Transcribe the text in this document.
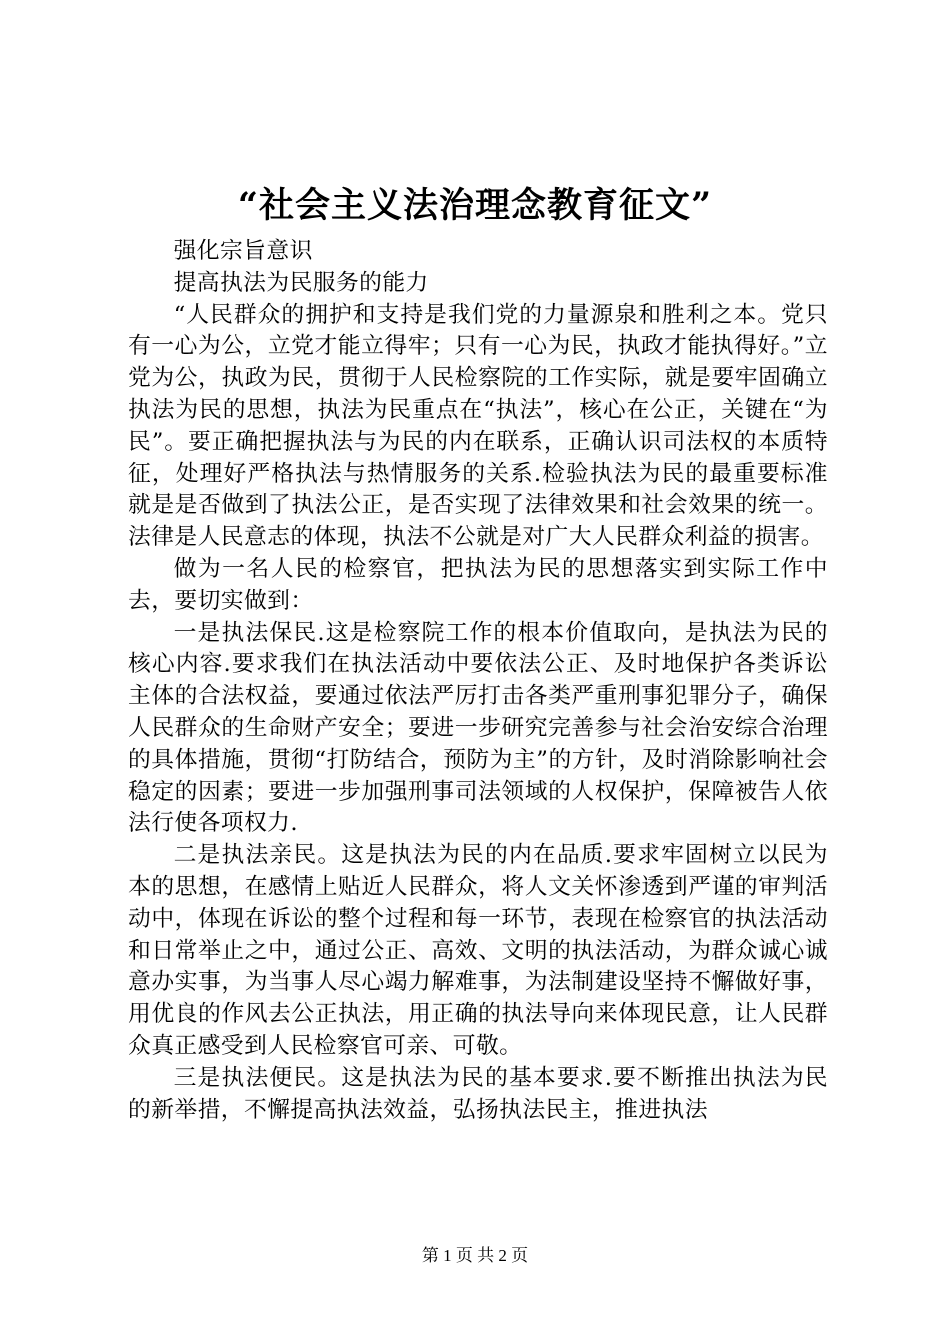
“社会主义法治理念教育征文”

强化宗旨意识

提高执法为民服务的能力

“人民群众的拥护和支持是我们党的力量源泉和胜利之本。党只有一心为公，立党才能立得牢；只有一心为民，执政才能执得好。”立党为公，执政为民，贯彻于人民检察院的工作实际，就是要牢固确立执法为民的思想，执法为民重点在“执法”，核心在公正，关键在“为民”。要正确把握执法与为民的内在联系，正确认识司法权的本质特征，处理好严格执法与热情服务的关系.检验执法为民的最重要标准就是是否做到了执法公正，是否实现了法律效果和社会效果的统一。法律是人民意志的体现，执法不公就是对广大人民群众利益的损害。

做为一名人民的检察官，把执法为民的思想落实到实际工作中去，要切实做到：

一是执法保民.这是检察院工作的根本价值取向，是执法为民的核心内容.要求我们在执法活动中要依法公正、及时地保护各类诉讼主体的合法权益，要通过依法严厉打击各类严重刑事犯罪分子，确保人民群众的生命财产安全；要进一步研究完善参与社会治安综合治理的具体措施，贯彻“打防结合，预防为主”的方针，及时消除影响社会稳定的因素；要进一步加强刑事司法领域的人权保护，保障被告人依法行使各项权力.

二是执法亲民。这是执法为民的内在品质.要求牢固树立以民为本的思想，在感情上贴近人民群众，将人文关怀渗透到严谨的审判活动中，体现在诉讼的整个过程和每一环节，表现在检察官的执法活动和日常举止之中，通过公正、高效、文明的执法活动，为群众诚心诚意办实事，为当事人尽心竭力解难事，为法制建设坚持不懈做好事，用优良的作风去公正执法，用正确的执法导向来体现民意，让人民群众真正感受到人民检察官可亲、可敬。

三是执法便民。这是执法为民的基本要求.要不断推出执法为民的新举措，不懈提高执法效益，弘扬执法民主，推进执法

第 1 页 共 2 页
